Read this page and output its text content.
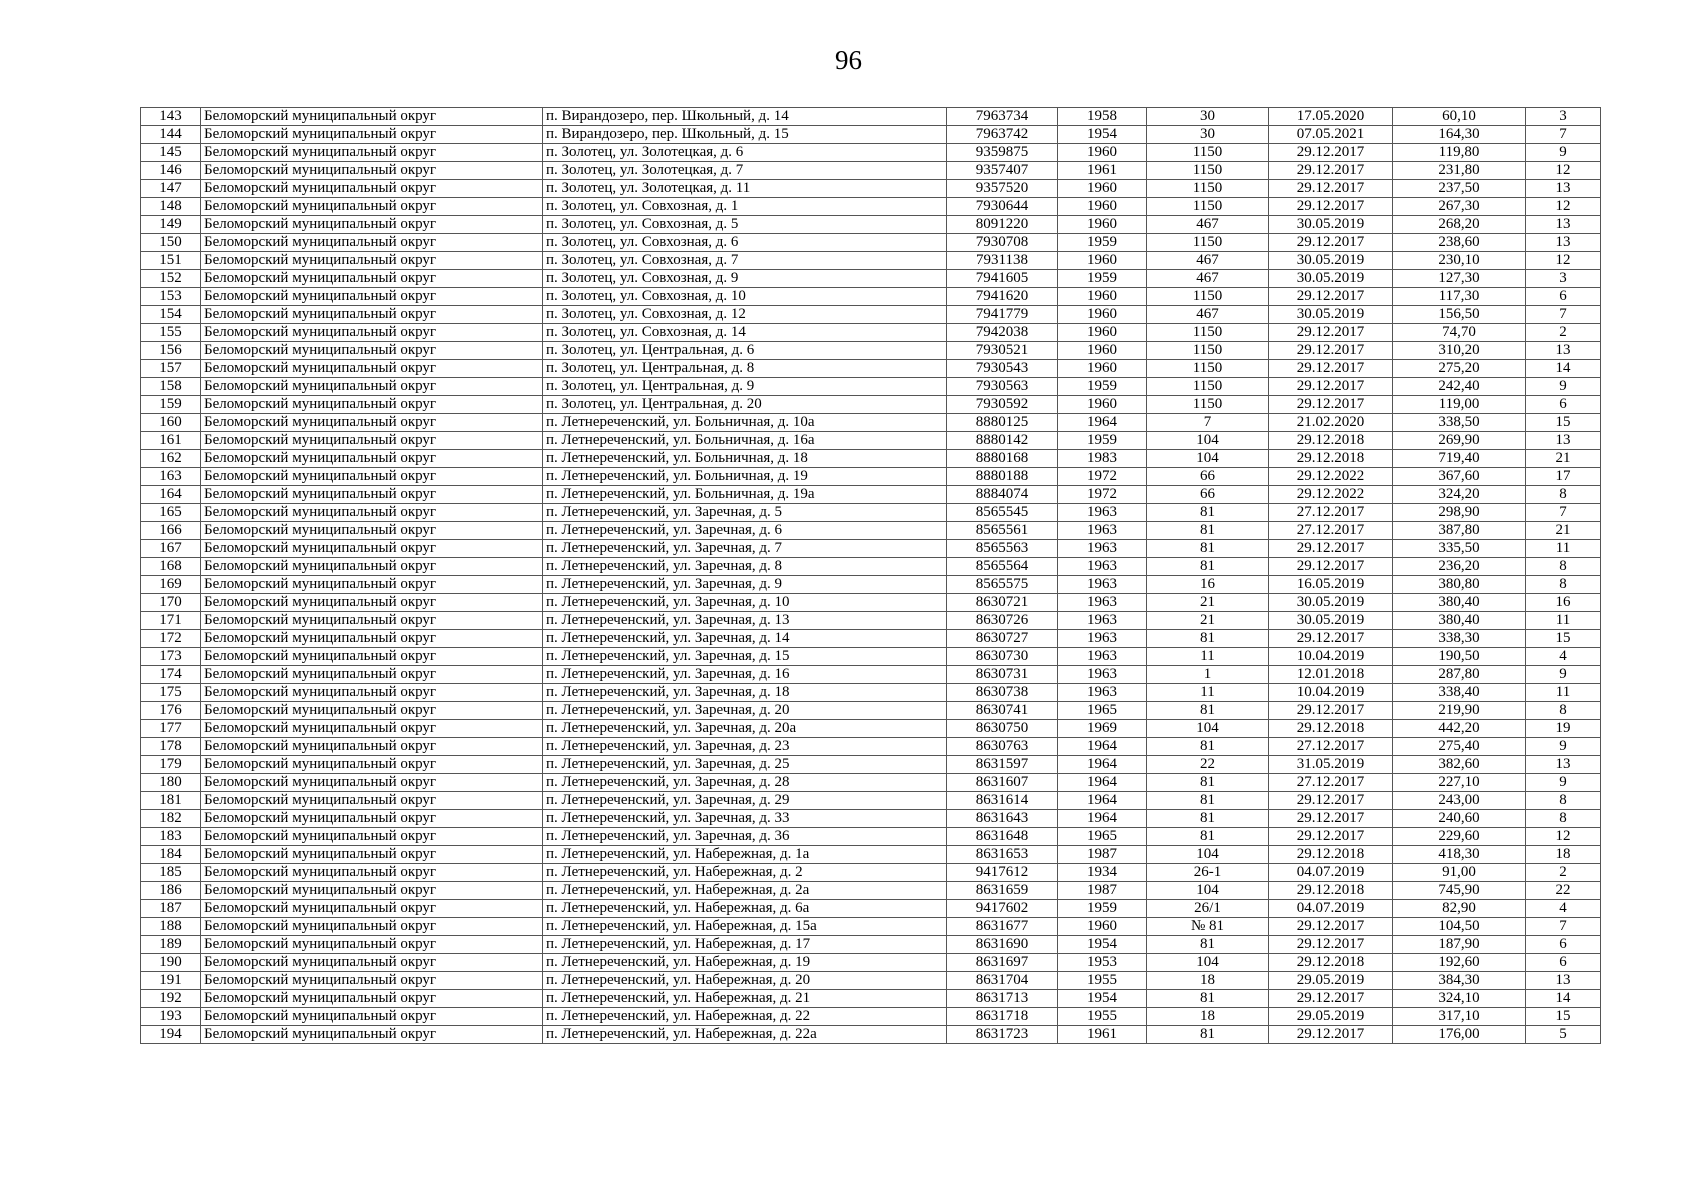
96
143	Беломорский муниципальный округ	п. Вирандозеро, пер. Школьный, д. 14	7963734	1958	30	17.05.2020	60,10	3
144	Беломорский муниципальный округ	п. Вирандозеро, пер. Школьный, д. 15	7963742	1954	30	07.05.2021	164,30	7
145	Беломорский муниципальный округ	п. Золотец, ул. Золотецкая, д. 6	9359875	1960	1150	29.12.2017	119,80	9
146	Беломорский муниципальный округ	п. Золотец, ул. Золотецкая, д. 7	9357407	1961	1150	29.12.2017	231,80	12
147	Беломорский муниципальный округ	п. Золотец, ул. Золотецкая, д. 11	9357520	1960	1150	29.12.2017	237,50	13
148	Беломорский муниципальный округ	п. Золотец, ул. Совхозная, д. 1	7930644	1960	1150	29.12.2017	267,30	12
149	Беломорский муниципальный округ	п. Золотец, ул. Совхозная, д. 5	8091220	1960	467	30.05.2019	268,20	13
150	Беломорский муниципальный округ	п. Золотец, ул. Совхозная, д. 6	7930708	1959	1150	29.12.2017	238,60	13
151	Беломорский муниципальный округ	п. Золотец, ул. Совхозная, д. 7	7931138	1960	467	30.05.2019	230,10	12
152	Беломорский муниципальный округ	п. Золотец, ул. Совхозная, д. 9	7941605	1959	467	30.05.2019	127,30	3
153	Беломорский муниципальный округ	п. Золотец, ул. Совхозная, д. 10	7941620	1960	1150	29.12.2017	117,30	6
154	Беломорский муниципальный округ	п. Золотец, ул. Совхозная, д. 12	7941779	1960	467	30.05.2019	156,50	7
155	Беломорский муниципальный округ	п. Золотец, ул. Совхозная, д. 14	7942038	1960	1150	29.12.2017	74,70	2
156	Беломорский муниципальный округ	п. Золотец, ул. Центральная, д. 6	7930521	1960	1150	29.12.2017	310,20	13
157	Беломорский муниципальный округ	п. Золотец, ул. Центральная, д. 8	7930543	1960	1150	29.12.2017	275,20	14
158	Беломорский муниципальный округ	п. Золотец, ул. Центральная, д. 9	7930563	1959	1150	29.12.2017	242,40	9
159	Беломорский муниципальный округ	п. Золотец, ул. Центральная, д. 20	7930592	1960	1150	29.12.2017	119,00	6
160	Беломорский муниципальный округ	п. Летнереченский, ул. Больничная, д. 10а	8880125	1964	7	21.02.2020	338,50	15
161	Беломорский муниципальный округ	п. Летнереченский, ул. Больничная, д. 16а	8880142	1959	104	29.12.2018	269,90	13
162	Беломорский муниципальный округ	п. Летнереченский, ул. Больничная, д. 18	8880168	1983	104	29.12.2018	719,40	21
163	Беломорский муниципальный округ	п. Летнереченский, ул. Больничная, д. 19	8880188	1972	66	29.12.2022	367,60	17
164	Беломорский муниципальный округ	п. Летнереченский, ул. Больничная, д. 19а	8884074	1972	66	29.12.2022	324,20	8
165	Беломорский муниципальный округ	п. Летнереченский, ул. Заречная, д. 5	8565545	1963	81	27.12.2017	298,90	7
166	Беломорский муниципальный округ	п. Летнереченский, ул. Заречная, д. 6	8565561	1963	81	27.12.2017	387,80	21
167	Беломорский муниципальный округ	п. Летнереченский, ул. Заречная, д. 7	8565563	1963	81	29.12.2017	335,50	11
168	Беломорский муниципальный округ	п. Летнереченский, ул. Заречная, д. 8	8565564	1963	81	29.12.2017	236,20	8
169	Беломорский муниципальный округ	п. Летнереченский, ул. Заречная, д. 9	8565575	1963	16	16.05.2019	380,80	8
170	Беломорский муниципальный округ	п. Летнереченский, ул. Заречная, д. 10	8630721	1963	21	30.05.2019	380,40	16
171	Беломорский муниципальный округ	п. Летнереченский, ул. Заречная, д. 13	8630726	1963	21	30.05.2019	380,40	11
172	Беломорский муниципальный округ	п. Летнереченский, ул. Заречная, д. 14	8630727	1963	81	29.12.2017	338,30	15
173	Беломорский муниципальный округ	п. Летнереченский, ул. Заречная, д. 15	8630730	1963	11	10.04.2019	190,50	4
174	Беломорский муниципальный округ	п. Летнереченский, ул. Заречная, д. 16	8630731	1963	1	12.01.2018	287,80	9
175	Беломорский муниципальный округ	п. Летнереченский, ул. Заречная, д. 18	8630738	1963	11	10.04.2019	338,40	11
176	Беломорский муниципальный округ	п. Летнереченский, ул. Заречная, д. 20	8630741	1965	81	29.12.2017	219,90	8
177	Беломорский муниципальный округ	п. Летнереченский, ул. Заречная, д. 20а	8630750	1969	104	29.12.2018	442,20	19
178	Беломорский муниципальный округ	п. Летнереченский, ул. Заречная, д. 23	8630763	1964	81	27.12.2017	275,40	9
179	Беломорский муниципальный округ	п. Летнереченский, ул. Заречная, д. 25	8631597	1964	22	31.05.2019	382,60	13
180	Беломорский муниципальный округ	п. Летнереченский, ул. Заречная, д. 28	8631607	1964	81	27.12.2017	227,10	9
181	Беломорский муниципальный округ	п. Летнереченский, ул. Заречная, д. 29	8631614	1964	81	29.12.2017	243,00	8
182	Беломорский муниципальный округ	п. Летнереченский, ул. Заречная, д. 33	8631643	1964	81	29.12.2017	240,60	8
183	Беломорский муниципальный округ	п. Летнереченский, ул. Заречная, д. 36	8631648	1965	81	29.12.2017	229,60	12
184	Беломорский муниципальный округ	п. Летнереченский, ул. Набережная, д. 1а	8631653	1987	104	29.12.2018	418,30	18
185	Беломорский муниципальный округ	п. Летнереченский, ул. Набережная, д. 2	9417612	1934	26-1	04.07.2019	91,00	2
186	Беломорский муниципальный округ	п. Летнереченский, ул. Набережная, д. 2а	8631659	1987	104	29.12.2018	745,90	22
187	Беломорский муниципальный округ	п. Летнереченский, ул. Набережная, д. 6а	9417602	1959	26/1	04.07.2019	82,90	4
188	Беломорский муниципальный округ	п. Летнереченский, ул. Набережная, д. 15а	8631677	1960	№ 81	29.12.2017	104,50	7
189	Беломорский муниципальный округ	п. Летнереченский, ул. Набережная, д. 17	8631690	1954	81	29.12.2017	187,90	6
190	Беломорский муниципальный округ	п. Летнереченский, ул. Набережная, д. 19	8631697	1953	104	29.12.2018	192,60	6
191	Беломорский муниципальный округ	п. Летнереченский, ул. Набережная, д. 20	8631704	1955	18	29.05.2019	384,30	13
192	Беломорский муниципальный округ	п. Летнереченский, ул. Набережная, д. 21	8631713	1954	81	29.12.2017	324,10	14
193	Беломорский муниципальный округ	п. Летнереченский, ул. Набережная, д. 22	8631718	1955	18	29.05.2019	317,10	15
194	Беломорский муниципальный округ	п. Летнереченский, ул. Набережная, д. 22а	8631723	1961	81	29.12.2017	176,00	5
